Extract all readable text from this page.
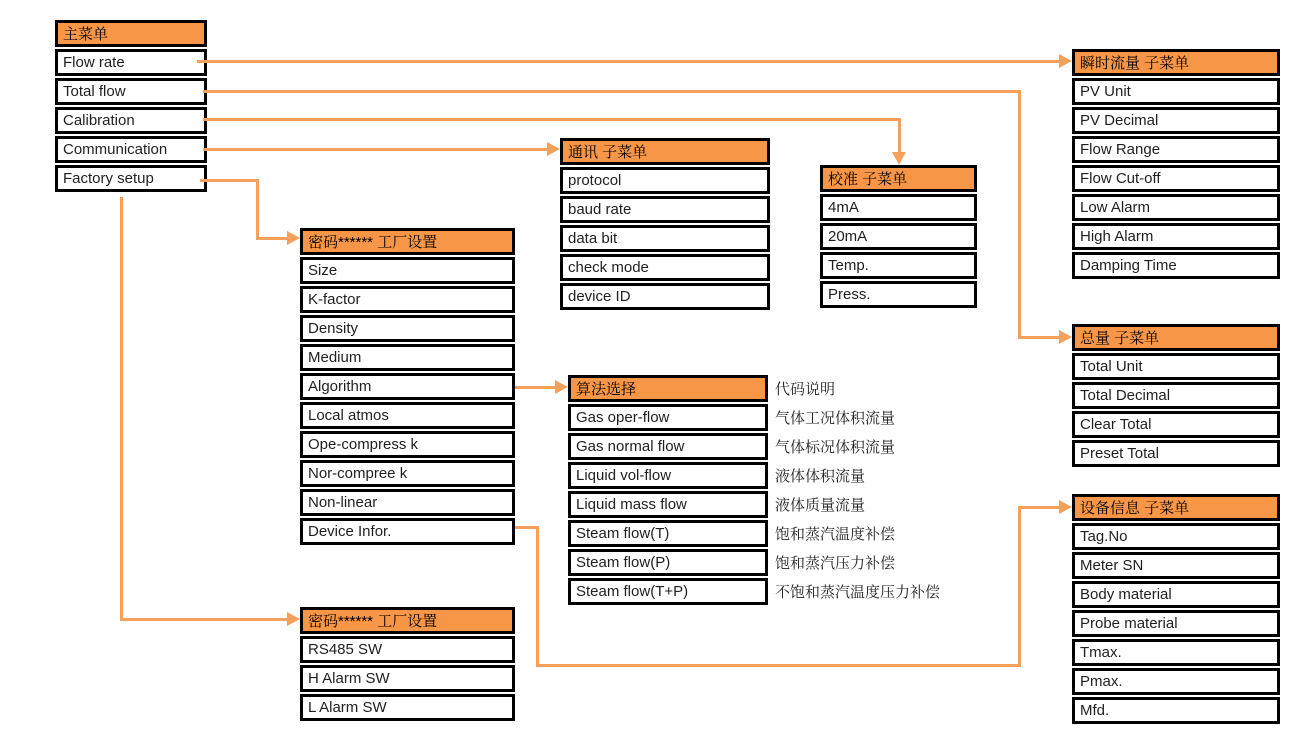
主菜单
Flow rate
Total flow
Calibration
Communication
Factory setup
密码****** 工厂设置
Size
K-factor
Density
Medium
Algorithm
Local atmos
Ope-compress k
Nor-compree k
Non-linear
Device Infor.
通讯 子菜单
protocol
baud rate
data bit
check mode
device ID
校准 子菜单
4mA
20mA
Temp.
Press.
瞬时流量 子菜单
PV Unit
PV Decimal
Flow Range
Flow Cut-off
Low Alarm
High Alarm
Damping Time
总量 子菜单
Total Unit
Total Decimal
Clear Total
Preset Total
算法选择
Gas oper-flow
Gas normal flow
Liquid vol-flow
Liquid mass flow
Steam flow(T)
Steam flow(P)
Steam flow(T+P)
代码说明
气体工况体积流量
气体标况体积流量
液体体积流量
液体质量流量
饱和蒸汽温度补偿
饱和蒸汽压力补偿
不饱和蒸汽温度压力补偿
设备信息 子菜单
Tag.No
Meter SN
Body material
Probe material
Tmax.
Pmax.
Mfd.
密码****** 工厂设置
RS485 SW
H Alarm SW
L Alarm SW
